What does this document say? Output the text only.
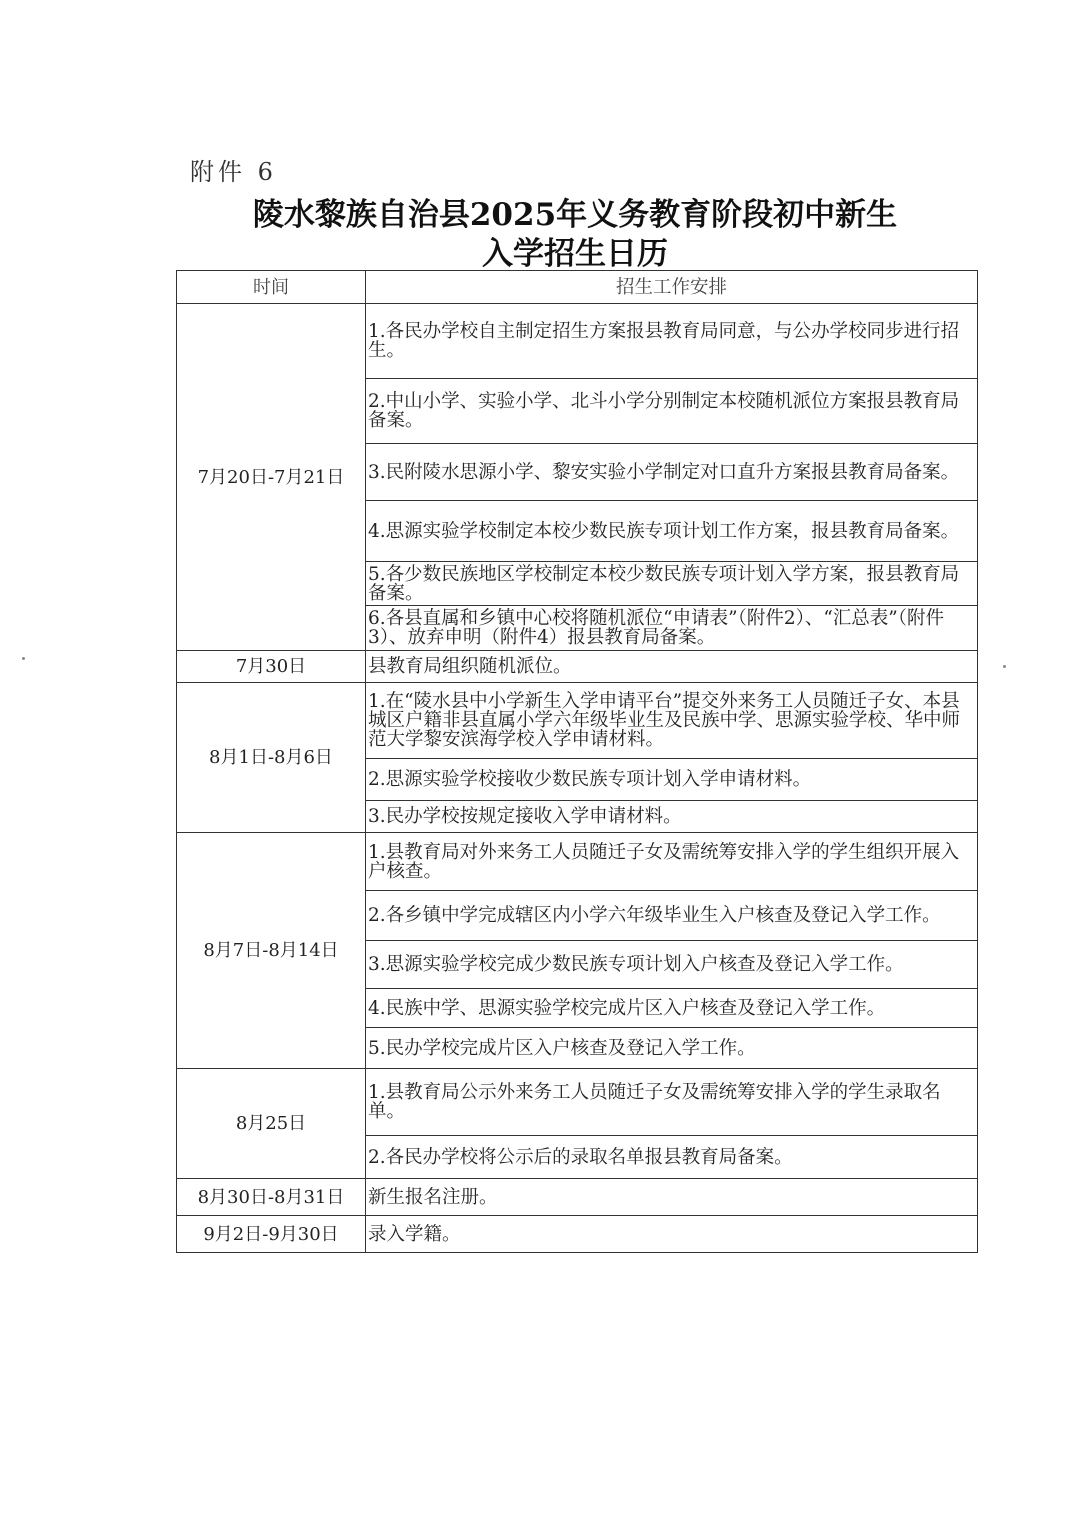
附件 6
陵水黎族自治县2025年义务教育阶段初中新生
入学招生日历
时间	招生工作安排
7月20日-7月21日	1.各民办学校自主制定招生方案报县教育局同意，与公办学校同步进行招生。
	2.中山小学、实验小学、北斗小学分别制定本校随机派位方案报县教育局备案。
	3.民附陵水思源小学、黎安实验小学制定对口直升方案报县教育局备案。
	4.思源实验学校制定本校少数民族专项计划工作方案，报县教育局备案。
	5.各少数民族地区学校制定本校少数民族专项计划入学方案，报县教育局备案。
	6.各县直属和乡镇中心校将随机派位“申请表”（附件2）、“汇总表”（附件3）、放弃申明（附件4）报县教育局备案。
7月30日	县教育局组织随机派位。
8月1日-8月6日	1.在“陵水县中小学新生入学申请平台”提交外来务工人员随迁子女、本县城区户籍非县直属小学六年级毕业生及民族中学、思源实验学校、华中师范大学黎安滨海学校入学申请材料。
	2.思源实验学校接收少数民族专项计划入学申请材料。
	3.民办学校按规定接收入学申请材料。
8月7日-8月14日	1.县教育局对外来务工人员随迁子女及需统筹安排入学的学生组织开展入户核查。
	2.各乡镇中学完成辖区内小学六年级毕业生入户核查及登记入学工作。
	3.思源实验学校完成少数民族专项计划入户核查及登记入学工作。
	4.民族中学、思源实验学校完成片区入户核查及登记入学工作。
	5.民办学校完成片区入户核查及登记入学工作。
8月25日	1.县教育局公示外来务工人员随迁子女及需统筹安排入学的学生录取名单。
	2.各民办学校将公示后的录取名单报县教育局备案。
8月30日-8月31日	新生报名注册。
9月2日-9月30日	录入学籍。
